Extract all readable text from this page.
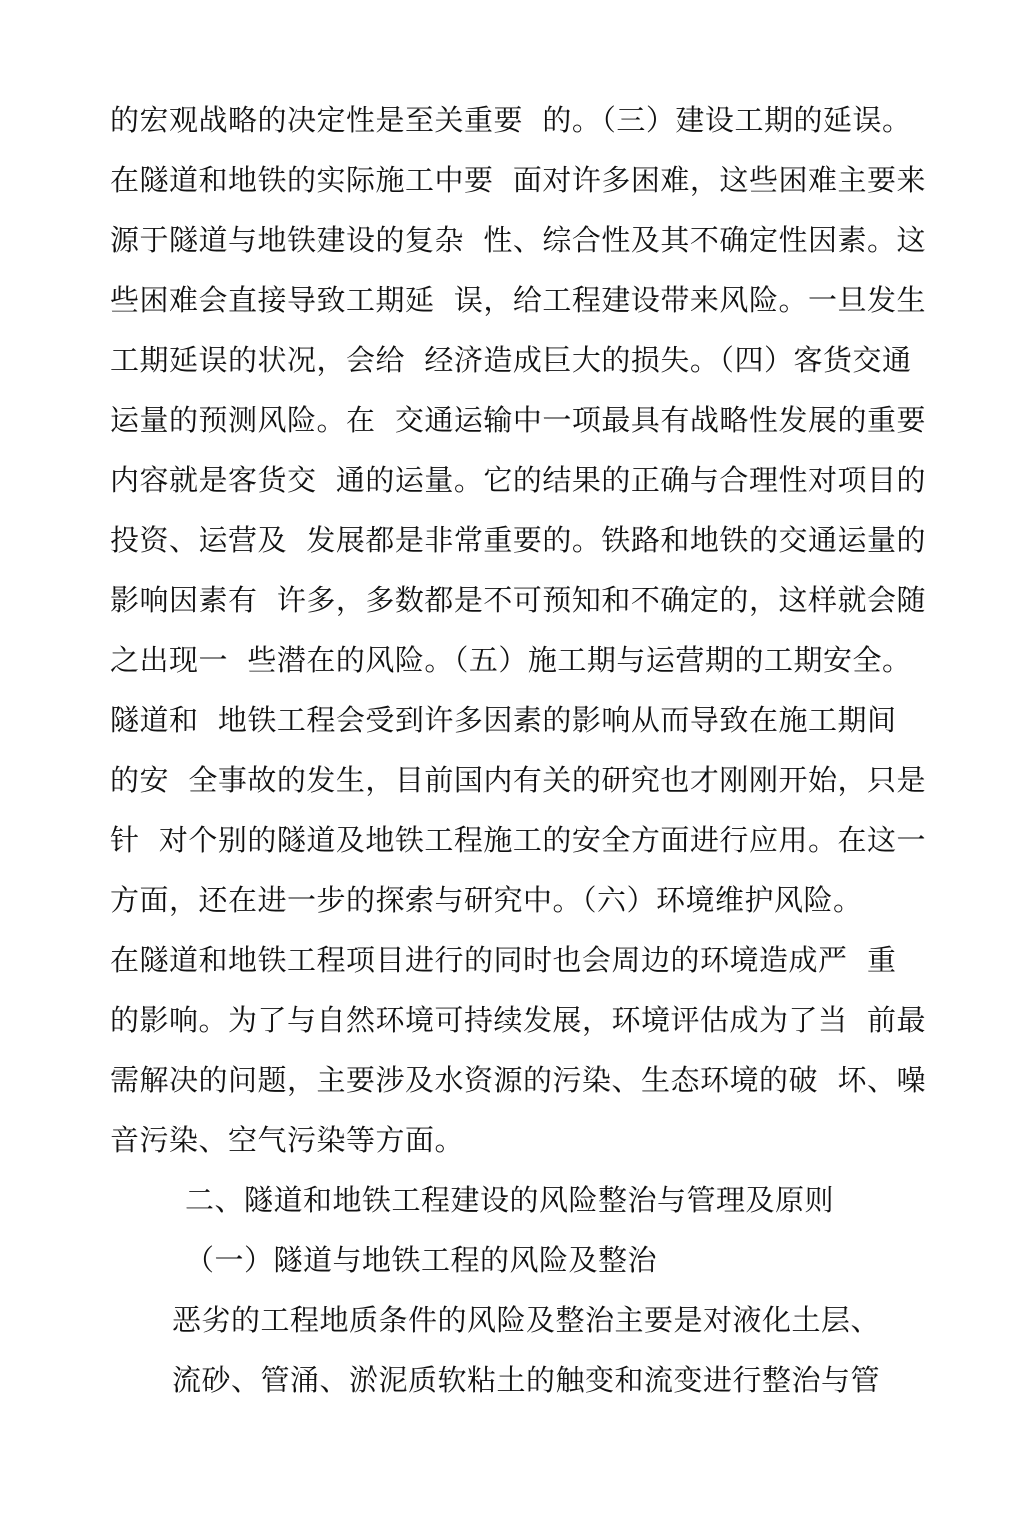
的宏观战略的决定性是至关重要  的。（三）建设工期的延误。
在隧道和地铁的实际施工中要  面对许多困难，这些困难主要来
源于隧道与地铁建设的复杂  性、综合性及其不确定性因素。这
些困难会直接导致工期延  误，给工程建设带来风险。一旦发生
工期延误的状况，会给  经济造成巨大的损失。（四）客货交通
运量的预测风险。在  交通运输中一项最具有战略性发展的重要
内容就是客货交  通的运量。它的结果的正确与合理性对项目的
投资、运营及  发展都是非常重要的。铁路和地铁的交通运量的
影响因素有  许多，多数都是不可预知和不确定的，这样就会随
之出现一  些潜在的风险。（五）施工期与运营期的工期安全。
隧道和  地铁工程会受到许多因素的影响从而导致在施工期间
的安  全事故的发生，目前国内有关的研究也才刚刚开始，只是
针  对个别的隧道及地铁工程施工的安全方面进行应用。在这一
方面，还在进一步的探索与研究中。（六）环境维护风险。
在隧道和地铁工程项目进行的同时也会周边的环境造成严  重
的影响。为了与自然环境可持续发展，环境评估成为了当  前最
需解决的问题，主要涉及水资源的污染、生态环境的破  坏、噪
音污染、空气污染等方面。
二、隧道和地铁工程建设的风险整治与管理及原则
（一）隧道与地铁工程的风险及整治
恶劣的工程地质条件的风险及整治主要是对液化土层、
流砂、管涌、淤泥质软粘土的触变和流变进行整治与管
